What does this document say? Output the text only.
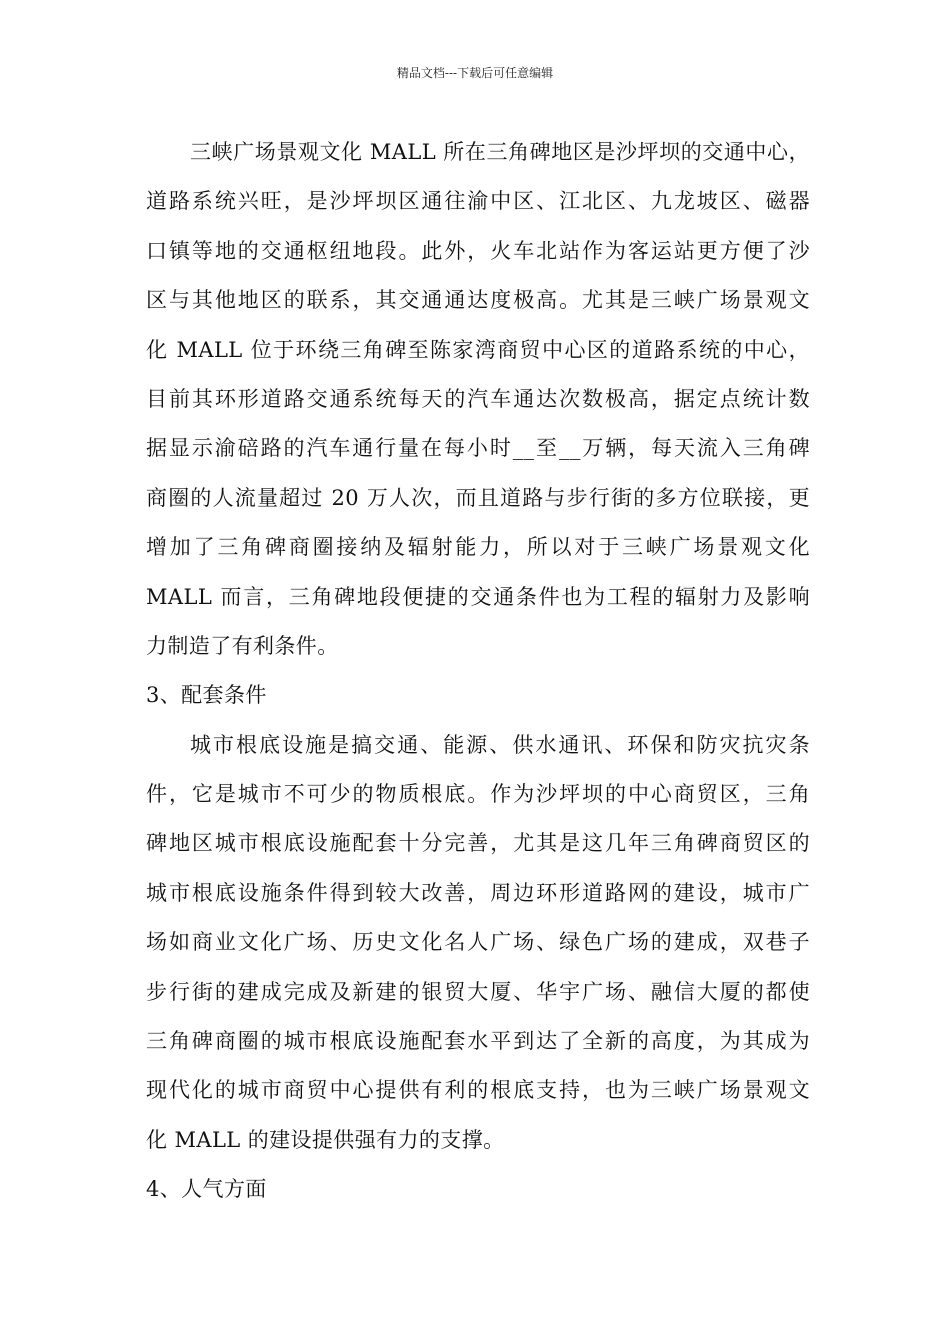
精品文档---下载后可任意编辑
三峡广场景观文化 MALL 所在三角碑地区是沙坪坝的交通中心，
道路系统兴旺，是沙坪坝区通往渝中区、江北区、九龙坡区、磁器
口镇等地的交通枢纽地段。此外，火车北站作为客运站更方便了沙
区与其他地区的联系，其交通通达度极高。尤其是三峡广场景观文
化 MALL 位于环绕三角碑至陈家湾商贸中心区的道路系统的中心，
目前其环形道路交通系统每天的汽车通达次数极高，据定点统计数
据显示渝碚路的汽车通行量在每小时__至__万辆，每天流入三角碑
商圈的人流量超过 20 万人次，而且道路与步行街的多方位联接，更
增加了三角碑商圈接纳及辐射能力，所以对于三峡广场景观文化
MALL 而言，三角碑地段便捷的交通条件也为工程的辐射力及影响
力制造了有利条件。
3、配套条件
城市根底设施是搞交通、能源、供水通讯、环保和防灾抗灾条
件，它是城市不可少的物质根底。作为沙坪坝的中心商贸区，三角
碑地区城市根底设施配套十分完善，尤其是这几年三角碑商贸区的
城市根底设施条件得到较大改善，周边环形道路网的建设，城市广
场如商业文化广场、历史文化名人广场、绿色广场的建成，双巷子
步行街的建成完成及新建的银贸大厦、华宇广场、融信大厦的都使
三角碑商圈的城市根底设施配套水平到达了全新的高度，为其成为
现代化的城市商贸中心提供有利的根底支持，也为三峡广场景观文
化 MALL 的建设提供强有力的支撑。
4、人气方面
